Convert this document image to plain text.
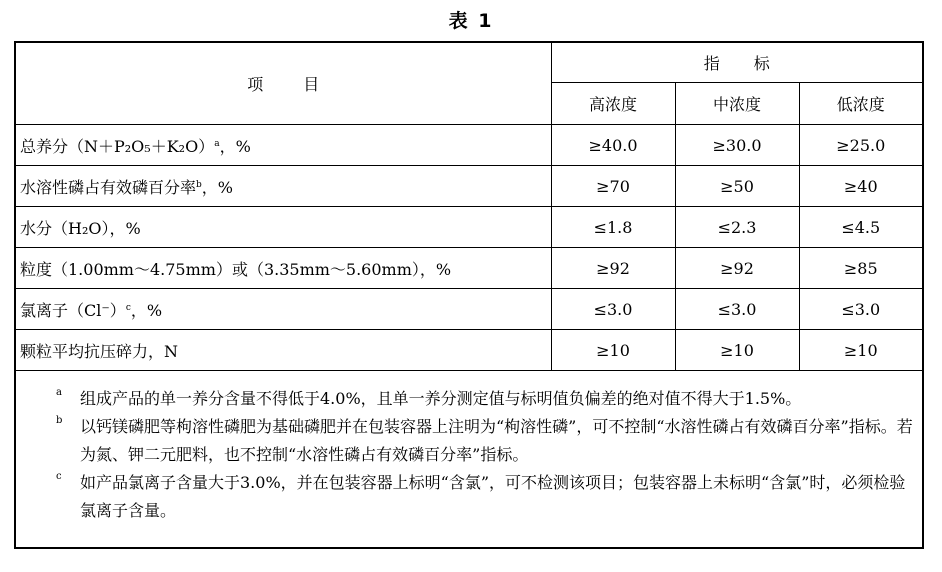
表 1
项目	指标		
	高浓度	中浓度	低浓度
总养分$(N+P_2O_5+K_2O)^a$，%	≥40.0	≥30.0	≥25.0
水溶性磷占有效磷百分率$^b$，%	≥70	≥50	≥40
水分（H₂O），%	≤1.8	≤2.3	≤4.5
粒度（1.00mm～4.75mm）或（3.35mm～5.60mm），%	≥92	≥92	≥85
氯离子$(Cl^-)^c$，%	≤3.0	≤3.0	≤3.0
颗粒平均抗压碎力，N	≥10	≥10	≥10
a 组成产品的单一养分含量不得低于4.0%，且单一养分测定值与标明值负偏差的绝对值不得大于1.5%。
b 以钙镁磷肥等枸溶性磷肥为基础磷肥并在包装容器上注明为“枸溶性磷”，可不控制“水溶性磷占有效磷百分率”指标。若为氮、钾二元肥料，也不控制“水溶性磷占有效磷百分率”指标。
c 如产品氯离子含量大于3.0%，并在包装容器上标明“含氯”，可不检测该项目；包装容器上未标明“含氯”时，必须检验氯离子含量。
